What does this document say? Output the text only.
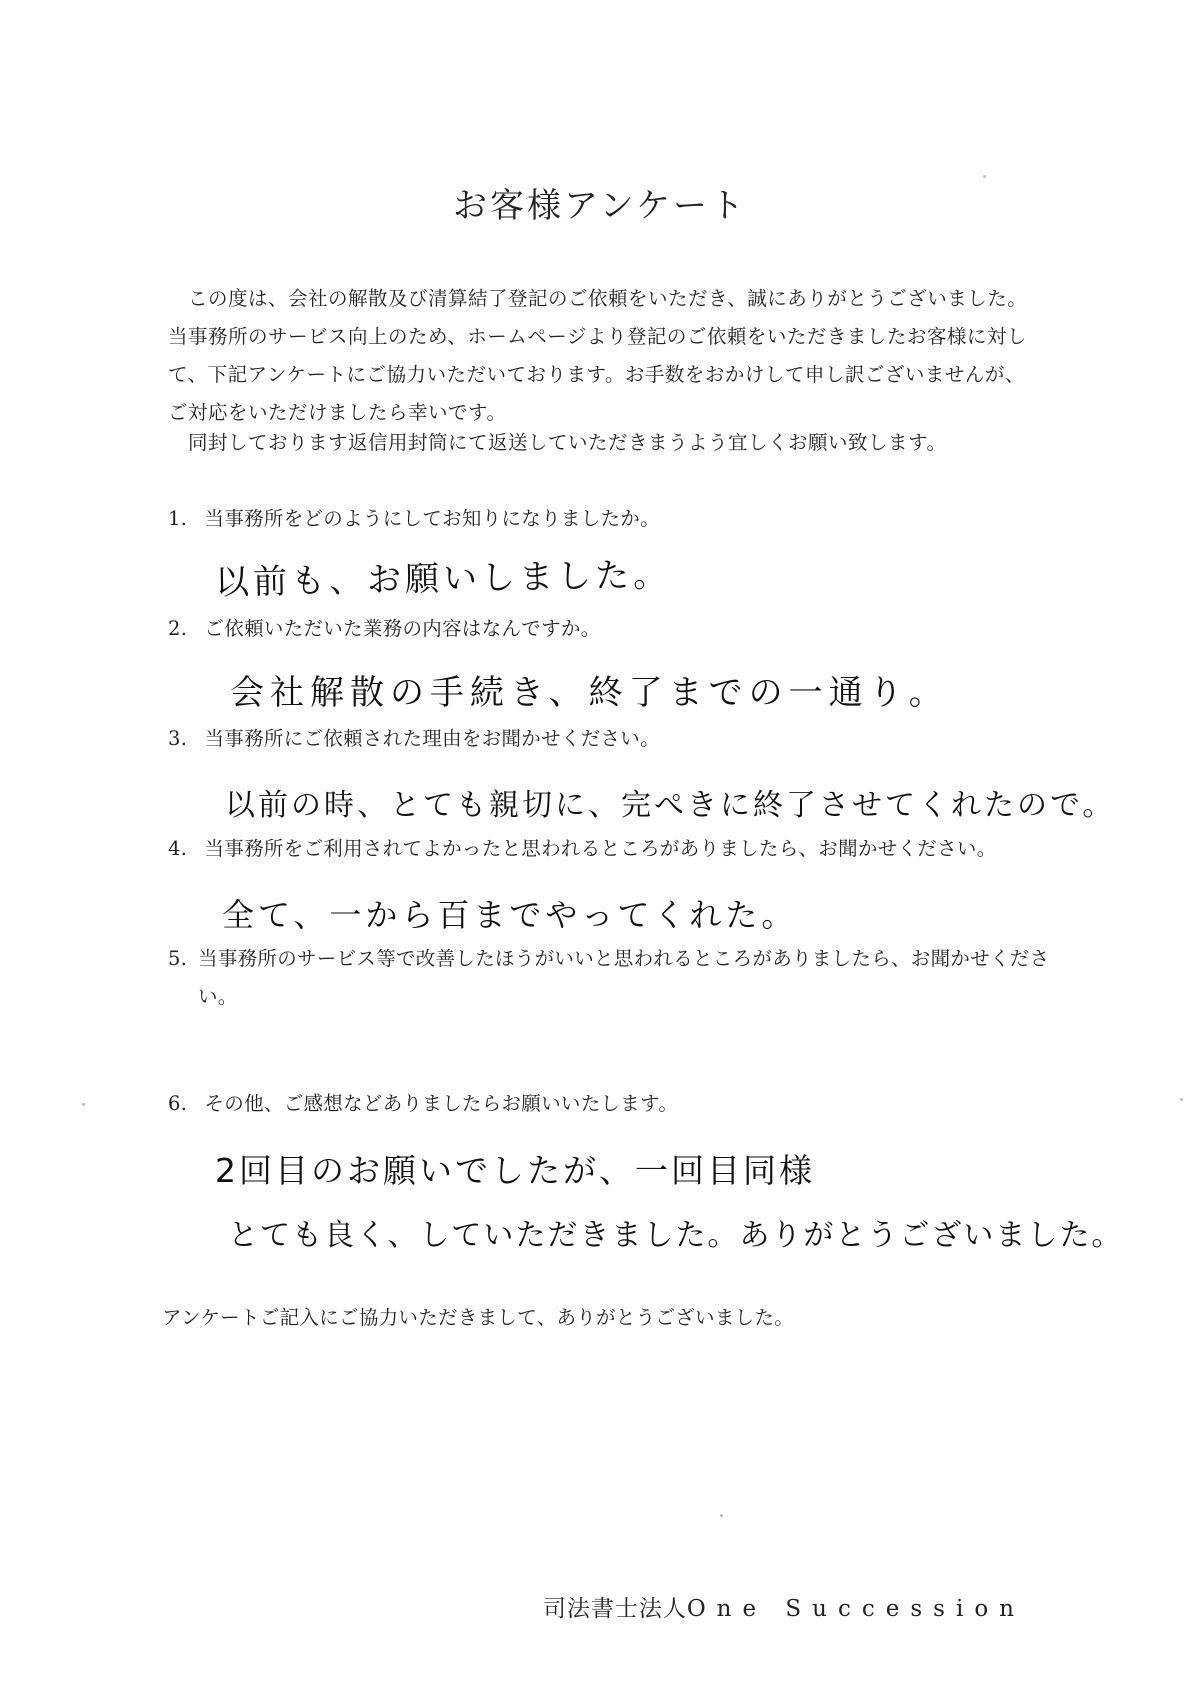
お客様アンケート

この度は、会社の解散及び清算結了登記のご依頼をいただき、誠にありがとうございました。当事務所のサービス向上のため、ホームページより登記のご依頼をいただきましたお客様に対して、下記アンケートにご協力いただいております。お手数をおかけして申し訳ございませんが、ご対応をいただけましたら幸いです。

同封しております返信用封筒にて返送していただきまうよう宜しくお願い致します。

1. 当事務所をどのようにしてお知りになりましたか。
以前も、お願いしました。
2. ご依頼いただいた業務の内容はなんですか。
会社解散の手続き、終了までの一通り。
3. 当事務所にご依頼された理由をお聞かせください。
以前の時、とても親切に、完ぺきに終了させてくれたので。
4. 当事務所をご利用されてよかったと思われるところがありましたら、お聞かせください。
全て、一から百までやってくれた。
5. 当事務所のサービス等で改善したほうがいいと思われるところがありましたら、お聞かせください。
6. その他、ご感想などありましたらお願いいたします。
2回目のお願いでしたが、一回目同様
とても良く、していただきました。ありがとうございました。
アンケートご記入にご協力いただきまして、ありがとうございました。
司法書士法人One Succession
